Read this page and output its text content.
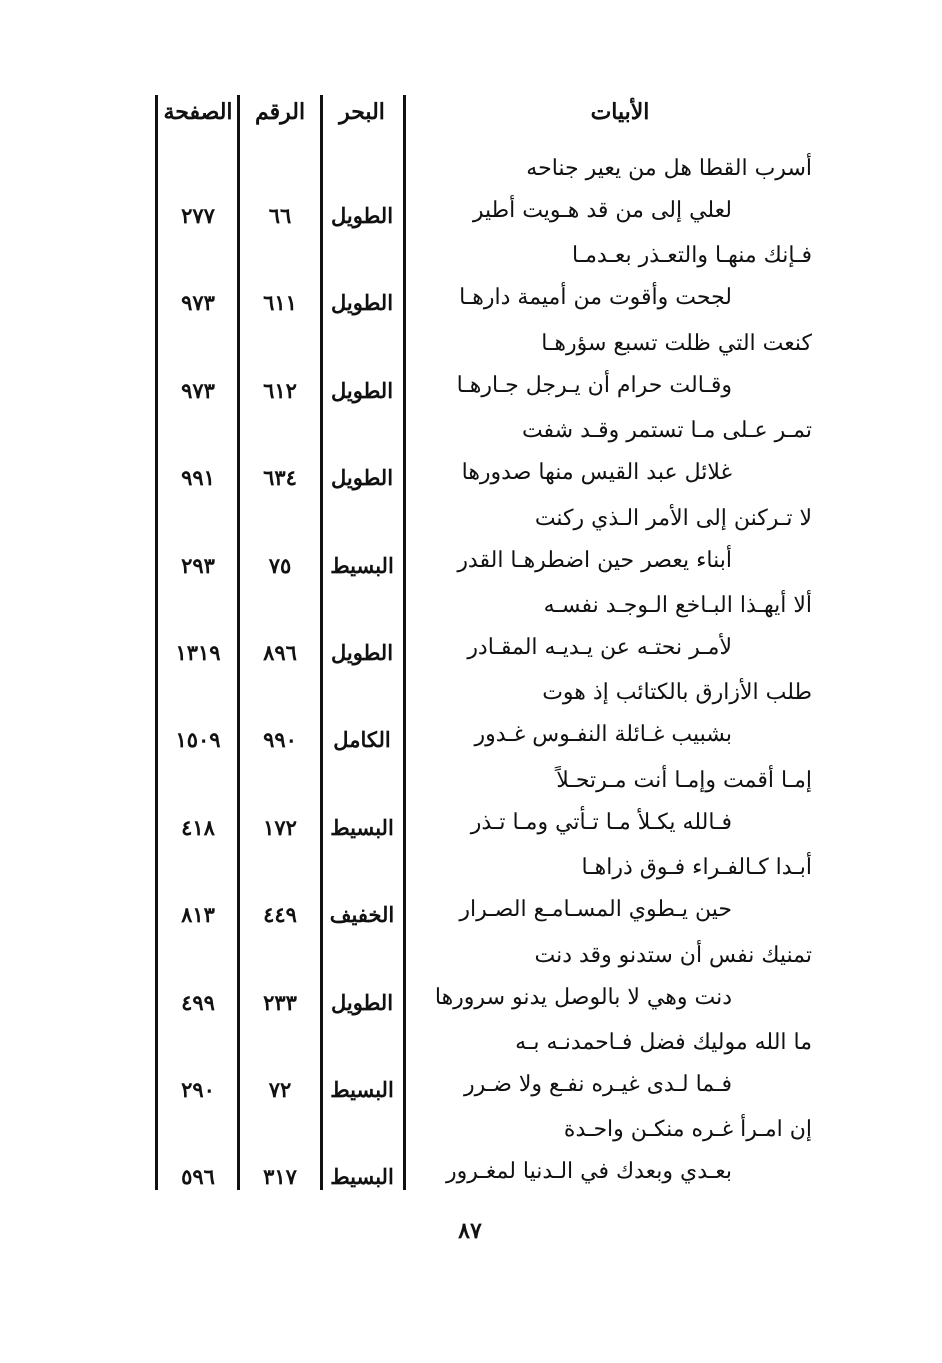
الأبيات
البحر
الرقم
الصفحة
أسرب القطا هل من يعير جناحه
لعلي إلى من قد هـويت أطير
الطويل
٦٦
٢٧٧
فـإنك منهـا والتعـذر بعـدمـا
لجحت وأقوت من أميمة دارهـا
الطويل
٦١١
٩٧٣
كنعت التي ظلت تسبع سؤرهـا
وقـالت حرام أن يـرجل جـارهـا
الطويل
٦١٢
٩٧٣
تمـر عـلى مـا تستمر وقـد شفت
غلائل عبد القيس منها صدورها
الطويل
٦٣٤
٩٩١
لا تـركنن إلى الأمر الـذي ركنت
أبناء يعصر حين اضطرهـا القدر
البسيط
٧٥
٢٩٣
ألا أيهـذا البـاخع الـوجـد نفسـه
لأمـر نحتـه عن يـديـه المقـادر
الطويل
٨٩٦
١٣١٩
طلب الأزارق بالكتائب إذ هوت
بشبيب غـائلة النفـوس غـدور
الكامل
٩٩٠
١٥٠٩
إمـا أقمت وإمـا أنت مـرتحـلاً
فـالله يكـلأ مـا تـأتي ومـا تـذر
البسيط
١٧٢
٤١٨
أبـدا كـالفـراء فـوق ذراهـا
حين يـطوي المسـامـع الصـرار
الخفيف
٤٤٩
٨١٣
تمنيك نفس أن ستدنو وقد دنت
دنت وهي لا بالوصل يدنو سرورها
الطويل
٢٣٣
٤٩٩
ما الله موليك فضل فـاحمدنـه بـه
فـما لـدى غيـره نفـع ولا ضـرر
البسيط
٧٢
٢٩٠
إن امـرأ غـره منكـن واحـدة
بعـدي وبعدك في الـدنيا لمغـرور
البسيط
٣١٧
٥٩٦
٨٧
